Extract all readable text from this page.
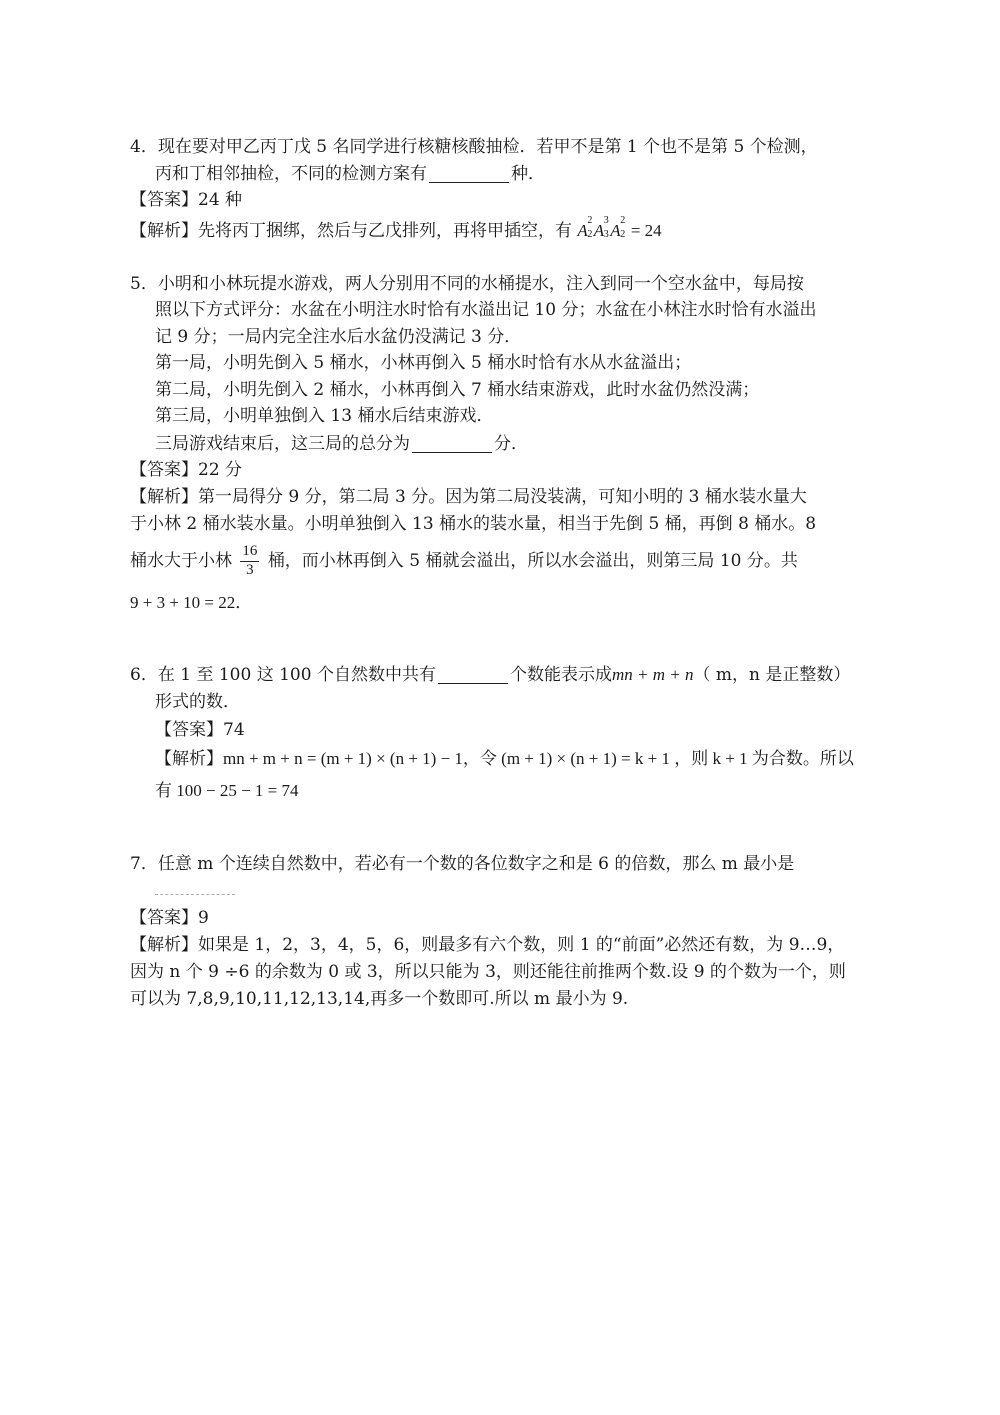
4．现在要对甲乙丙丁戊 5 名同学进行核糖核酸抽检．若甲不是第 1 个也不是第 5 个检测，
丙和丁相邻抽检，不同的检测方案有	种．
【答案】24 种
【解析】先将丙丁捆绑，然后与乙戊排列，再将甲插空，有 A
2
2 A
3
3 A
2
2 = 24
5．小明和小林玩提水游戏，两人分别用不同的水桶提水，注入到同一个空水盆中，每局按
照以下方式评分：水盆在小明注水时恰有水溢出记 10 分；水盆在小林注水时恰有水溢出
记 9 分；一局内完全注水后水盆仍没满记 3 分．
第一局，小明先倒入 5 桶水，小林再倒入 5 桶水时恰有水从水盆溢出；
第二局，小明先倒入 2 桶水，小林再倒入 7 桶水结束游戏，此时水盆仍然没满；
第三局，小明单独倒入 13 桶水后结束游戏．
三局游戏结束后，这三局的总分为	分．
【答案】22 分
【解析】第一局得分 9 分，第二局 3 分。因为第二局没装满，可知小明的 3 桶水装水量大
于小林 2 桶水装水量。小明单独倒入 13 桶水的装水量，相当于先倒 5 桶，再倒 8 桶水。8
桶水大于小林 $\frac{16}{3}$ 桶，而小林再倒入 5 桶就会溢出，所以水会溢出，则第三局 10 分。共
9 + 3 + 10 = 22．
6．在 1 至 100 这 100 个自然数中共有	个数能表示成mn + m + n（ m，n 是正整数）
形式的数．
【答案】74
【解析】mn + m + n = (m + 1) × (n + 1) − 1，令 (m + 1) × (n + 1) = k + 1 ，则 k + 1 为合数。所以
有 100 − 25 − 1 = 74
7．任意 m 个连续自然数中，若必有一个数的各位数字之和是 6 的倍数，那么 m 最小是
【答案】9
【解析】如果是 1，2，3，4，5，6，则最多有六个数，则 1 的“前面”必然还有数，为 9…9，
因为 n 个 9 ÷6 的余数为 0 或 3，所以只能为 3，则还能往前推两个数.设 9 的个数为一个，则
可以为 7,8,9,10,11,12,13,14,再多一个数即可.所以 m 最小为 9.
